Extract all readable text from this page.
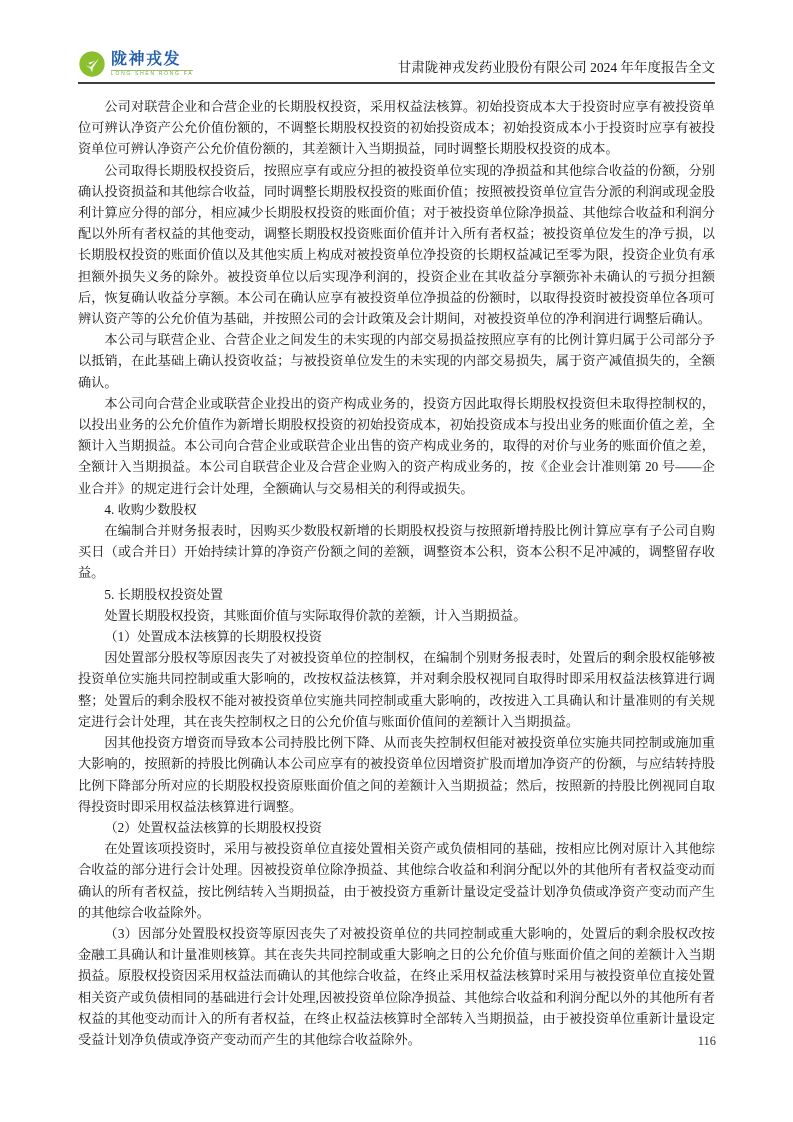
陇神戎发
LONG SHEN RONG FA	甘肃陇神戎发药业股份有限公司 2024 年年度报告全文

公司对联营企业和合营企业的长期股权投资，采用权益法核算。初始投资成本大于投资时应享有被投资单位可辨认净资产公允价值份额的，不调整长期股权投资的初始投资成本；初始投资成本小于投资时应享有被投资单位可辨认净资产公允价值份额的，其差额计入当期损益，同时调整长期股权投资的成本。

公司取得长期股权投资后，按照应享有或应分担的被投资单位实现的净损益和其他综合收益的份额，分别确认投资损益和其他综合收益，同时调整长期股权投资的账面价值；按照被投资单位宣告分派的利润或现金股利计算应分得的部分，相应减少长期股权投资的账面价值；对于被投资单位除净损益、其他综合收益和利润分配以外所有者权益的其他变动，调整长期股权投资账面价值并计入所有者权益；被投资单位发生的净亏损，以长期股权投资的账面价值以及其他实质上构成对被投资单位净投资的长期权益减记至零为限，投资企业负有承担额外损失义务的除外。被投资单位以后实现净利润的，投资企业在其收益分享额弥补未确认的亏损分担额后，恢复确认收益分享额。本公司在确认应享有被投资单位净损益的份额时，以取得投资时被投资单位各项可辨认资产等的公允价值为基础，并按照公司的会计政策及会计期间，对被投资单位的净利润进行调整后确认。

本公司与联营企业、合营企业之间发生的未实现的内部交易损益按照应享有的比例计算归属于公司部分予以抵销，在此基础上确认投资收益；与被投资单位发生的未实现的内部交易损失，属于资产减值损失的，全额确认。

本公司向合营企业或联营企业投出的资产构成业务的，投资方因此取得长期股权投资但未取得控制权的，以投出业务的公允价值作为新增长期股权投资的初始投资成本，初始投资成本与投出业务的账面价值之差，全额计入当期损益。本公司向合营企业或联营企业出售的资产构成业务的，取得的对价与业务的账面价值之差，全额计入当期损益。本公司自联营企业及合营企业购入的资产构成业务的，按《企业会计准则第 20 号——企业合并》的规定进行会计处理，全额确认与交易相关的利得或损失。

4. 收购少数股权

在编制合并财务报表时，因购买少数股权新增的长期股权投资与按照新增持股比例计算应享有子公司自购买日（或合并日）开始持续计算的净资产份额之间的差额，调整资本公积，资本公积不足冲减的，调整留存收益。

5. 长期股权投资处置

处置长期股权投资，其账面价值与实际取得价款的差额，计入当期损益。

（1）处置成本法核算的长期股权投资

因处置部分股权等原因丧失了对被投资单位的控制权，在编制个别财务报表时，处置后的剩余股权能够被投资单位实施共同控制或重大影响的，改按权益法核算，并对剩余股权视同自取得时即采用权益法核算进行调整；处置后的剩余股权不能对被投资单位实施共同控制或重大影响的，改按进入工具确认和计量准则的有关规定进行会计处理，其在丧失控制权之日的公允价值与账面价值间的差额计入当期损益。

因其他投资方增资而导致本公司持股比例下降、从而丧失控制权但能对被投资单位实施共同控制或施加重大影响的，按照新的持股比例确认本公司应享有的被投资单位因增资扩股而增加净资产的份额，与应结转持股比例下降部分所对应的长期股权投资原账面价值之间的差额计入当期损益；然后，按照新的持股比例视同自取得投资时即采用权益法核算进行调整。

（2）处置权益法核算的长期股权投资

在处置该项投资时，采用与被投资单位直接处置相关资产或负债相同的基础，按相应比例对原计入其他综合收益的部分进行会计处理。因被投资单位除净损益、其他综合收益和利润分配以外的其他所有者权益变动而确认的所有者权益，按比例结转入当期损益，由于被投资方重新计量设定受益计划净负债或净资产变动而产生的其他综合收益除外。

（3）因部分处置股权投资等原因丧失了对被投资单位的共同控制或重大影响的，处置后的剩余股权改按金融工具确认和计量准则核算。其在丧失共同控制或重大影响之日的公允价值与账面价值之间的差额计入当期损益。原股权投资因采用权益法而确认的其他综合收益，在终止采用权益法核算时采用与被投资单位直接处置相关资产或负债相同的基础进行会计处理,因被投资单位除净损益、其他综合收益和利润分配以外的其他所有者权益的其他变动而计入的所有者权益，在终止权益法核算时全部转入当期损益，由于被投资单位重新计量设定受益计划净负债或净资产变动而产生的其他综合收益除外。	116
